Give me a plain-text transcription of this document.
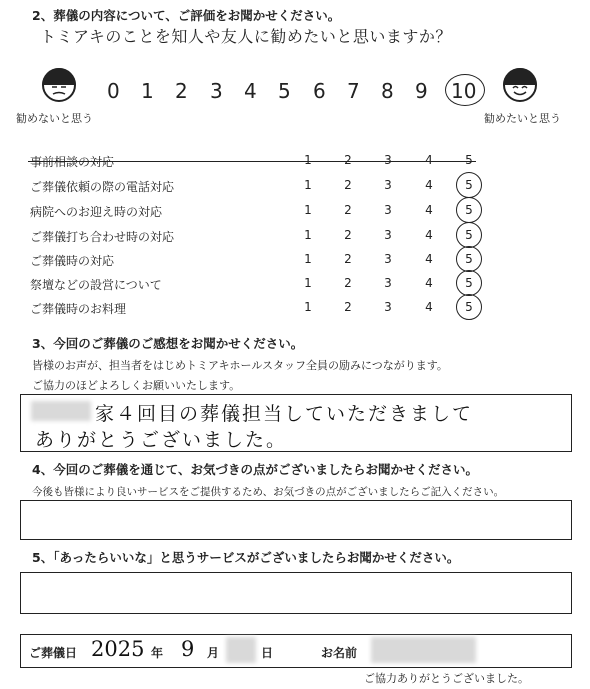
2、葬儀の内容について、ご評価をお聞かせください。
トミアキのことを知人や友人に勧めたいと思いますか？
勧めないと思う
0 1 2 3 4 5 6 7 8 9 10
勧めたいと思う
事前相談の対応	1	2	3	4	5
ご葬儀依頼の際の電話対応	1	2	3	4	5
病院へのお迎え時の対応	1	2	3	4	5
ご葬儀打ち合わせ時の対応	1	2	3	4	5
ご葬儀時の対応	1	2	3	4	5
祭壇などの設営について	1	2	3	4	5
ご葬儀時のお料理	1	2	3	4	5
3、今回のご葬儀のご感想をお聞かせください。
皆様のお声が、担当者をはじめトミアキホールスタッフ全員の励みにつながります。
ご協力のほどよろしくお願いいたします。
家４回目の葬儀担当していただきまして
ありがとうございました。
4、今回のご葬儀を通じて、お気づきの点がございましたらお聞かせください。
今後も皆様により良いサービスをご提供するため、お気づきの点がございましたらご記入ください。
5、「あったらいいな」と思うサービスがございましたらお聞かせください。
ご葬儀日 2025 年 9 月	日	お名前
ご協力ありがとうございました。
